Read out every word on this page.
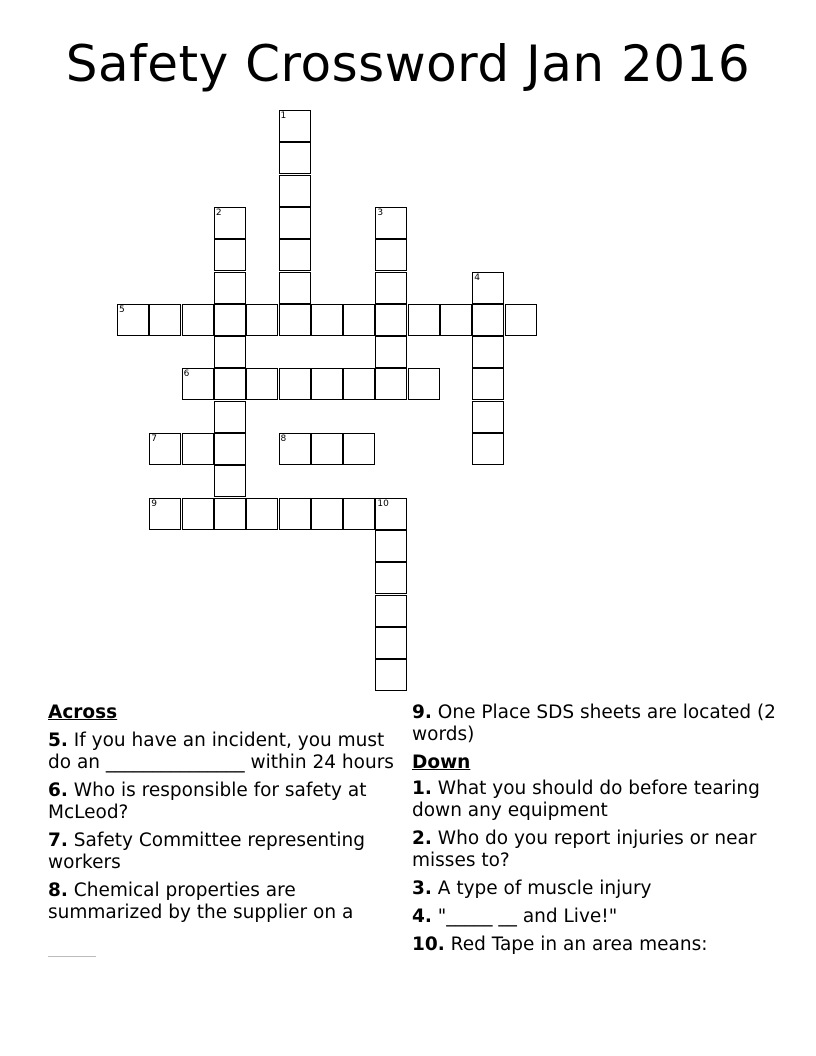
Safety Crossword Jan 2016
1
2	3
4
5
6
7	8
9	10
Across
5. If you have an incident, you must do an _______________ within 24 hours
6. Who is responsible for safety at McLeod?
7. Safety Committee representing workers
8. Chemical properties are summarized by the supplier on a
9. One Place SDS sheets are located (2 words)
Down
1. What you should do before tearing down any equipment
2. Who do you report injuries or near misses to?
3. A type of muscle injury
4. "_____ __ and Live!"
10. Red Tape in an area means:
